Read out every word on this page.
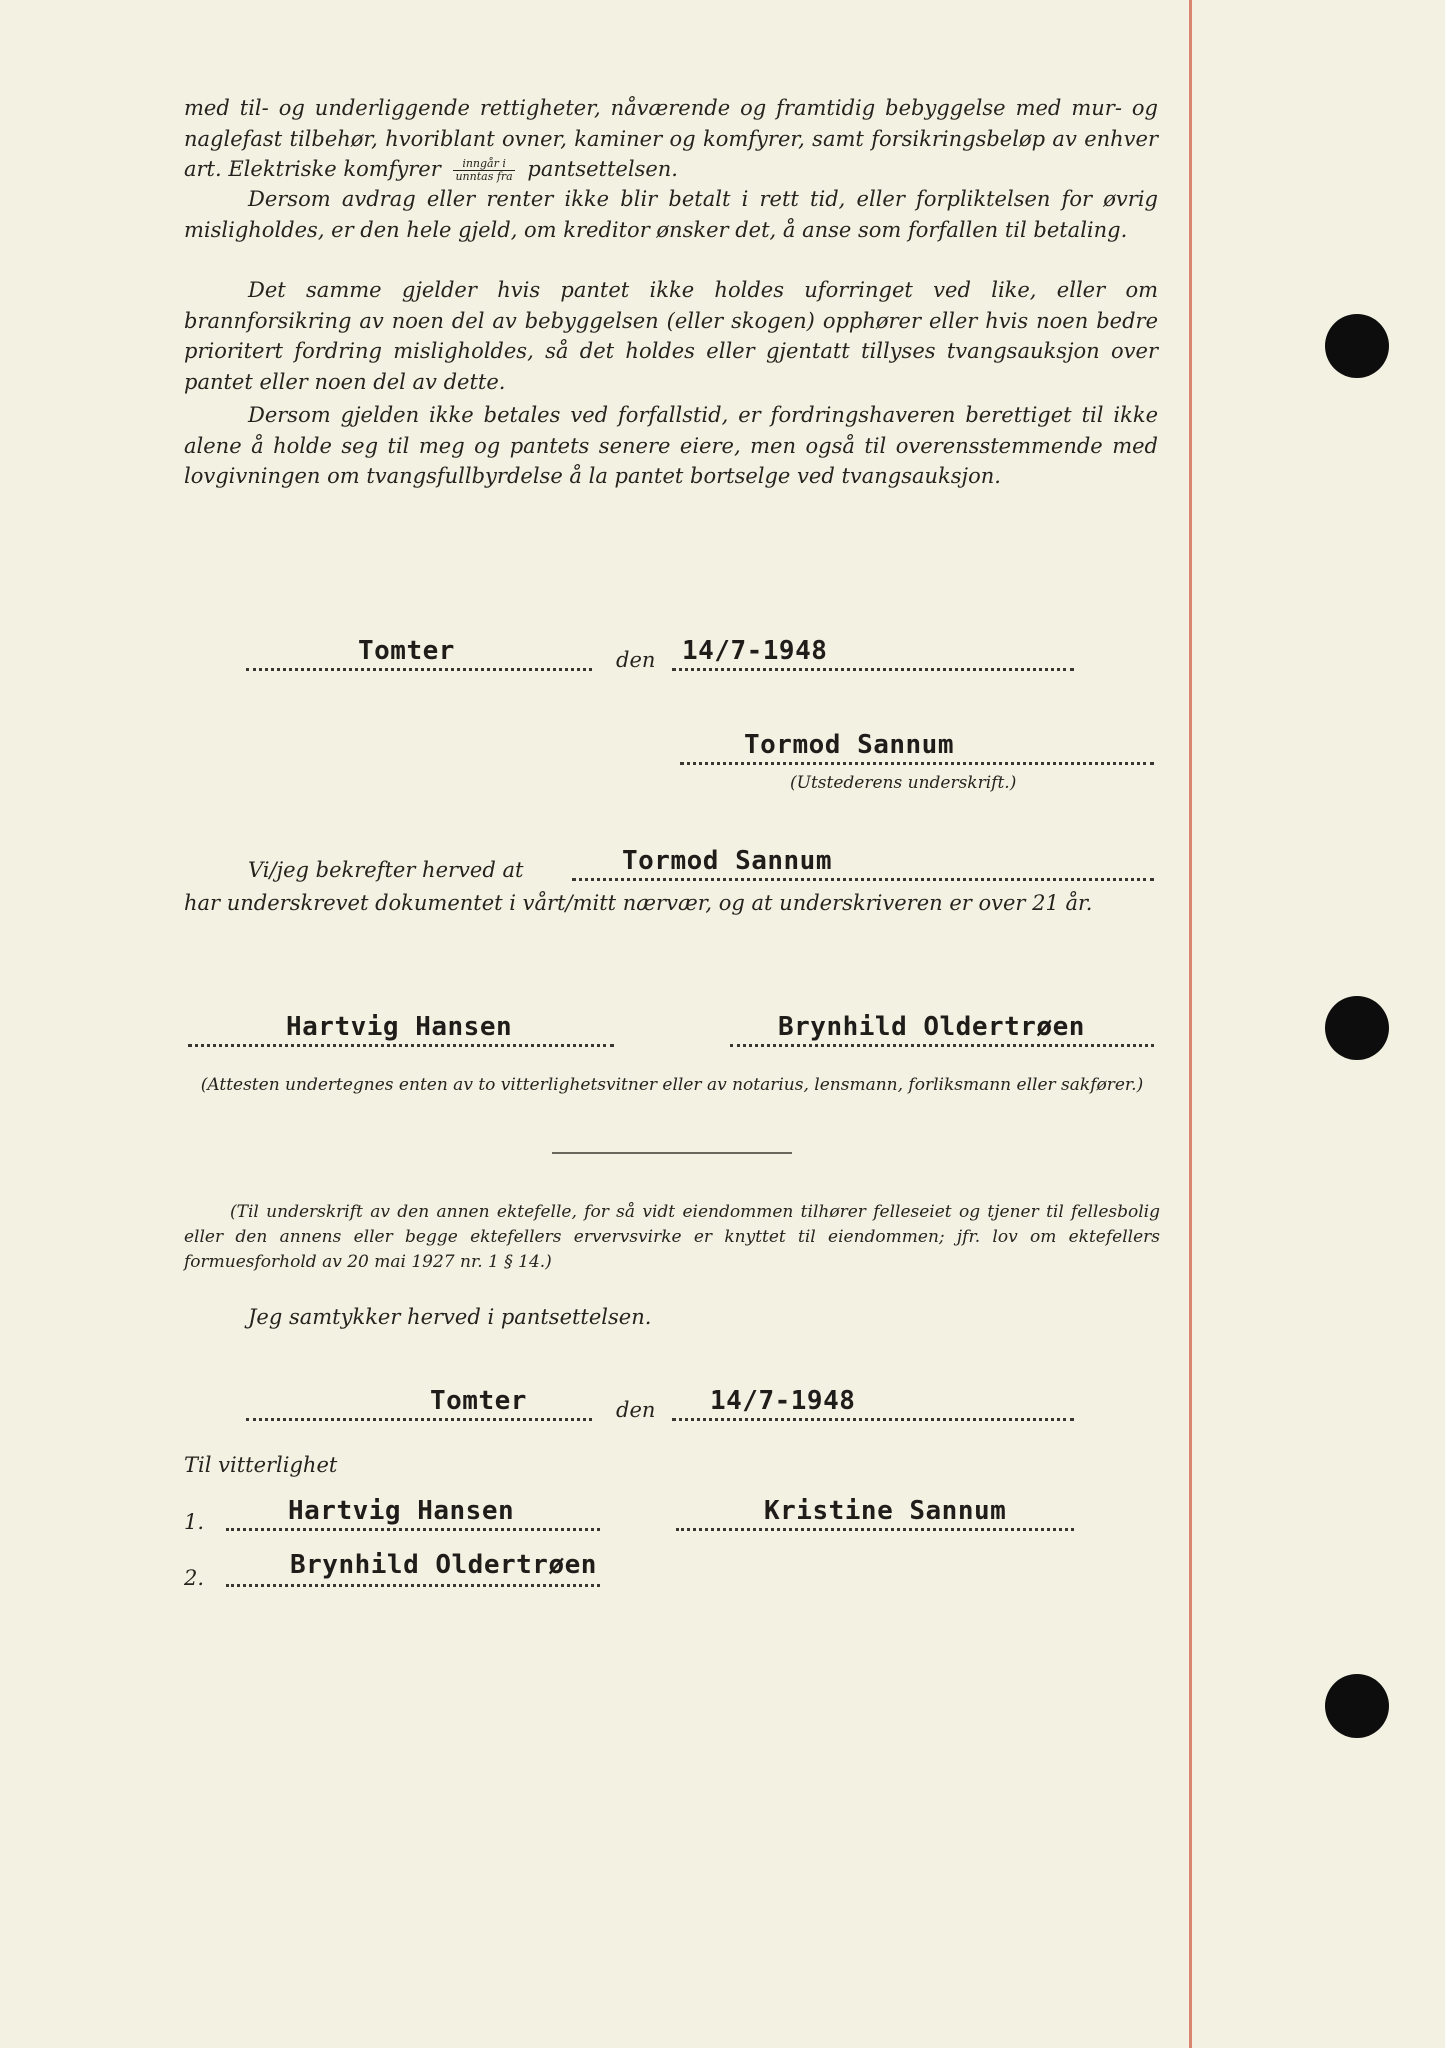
med til- og underliggende rettigheter, nåværende og framtidig bebyggelse med mur- og naglefast tilbehør, hvoriblant ovner, kaminer og komfyrer, samt forsikringsbeløp av enhver art. Elektriske komfyrer $\frac{\text{inngår i}}{\text{unntas fra}}$ pantsettelsen.

Dersom avdrag eller renter ikke blir betalt i rett tid, eller forpliktelsen for øvrig misligholdes, er den hele gjeld, om kreditor ønsker det, å anse som forfallen til betaling.

Det samme gjelder hvis pantet ikke holdes uforringet ved like, eller om brannforsikring av noen del av bebyggelsen (eller skogen) opphører eller hvis noen bedre prioritert fordring misligholdes, så det holdes eller gjentatt tillyses tvangsauksjon over pantet eller noen del av dette.

Dersom gjelden ikke betales ved forfallstid, er fordringshaveren berettiget til ikke alene å holde seg til meg og pantets senere eiere, men også til overensstemmende med lovgivningen om tvangsfullbyrdelse å la pantet bortselge ved tvangsauksjon.

Tomter	den 14/7-1948
Tormod Sannum
(Utstederens underskrift.)
Vi/jeg bekrefter herved at	Tormod Sannum

har underskrevet dokumentet i vårt/mitt nærvær, og at underskriveren er over 21 år.

Hartvig Hansen	Brynhild Oldertrøen
(Attesten undertegnes enten av to vitterlighetsvitner eller av notarius, lensmann, forliksmann eller sakfører.)
(Til underskrift av den annen ektefelle, for så vidt eiendommen tilhører felleseiet og tjener til fellesbolig eller den annens eller begge ektefellers ervervsvirke er knyttet til eiendommen; jfr. lov om ektefellers formuesforhold av 20 mai 1927 nr. 1 § 14.)
Jeg samtykker herved i pantsettelsen.
Tomter	den 14/7-1948
Til vitterlighet
1.	Hartvig Hansen	Kristine Sannum
2.	Brynhild Oldertrøen
